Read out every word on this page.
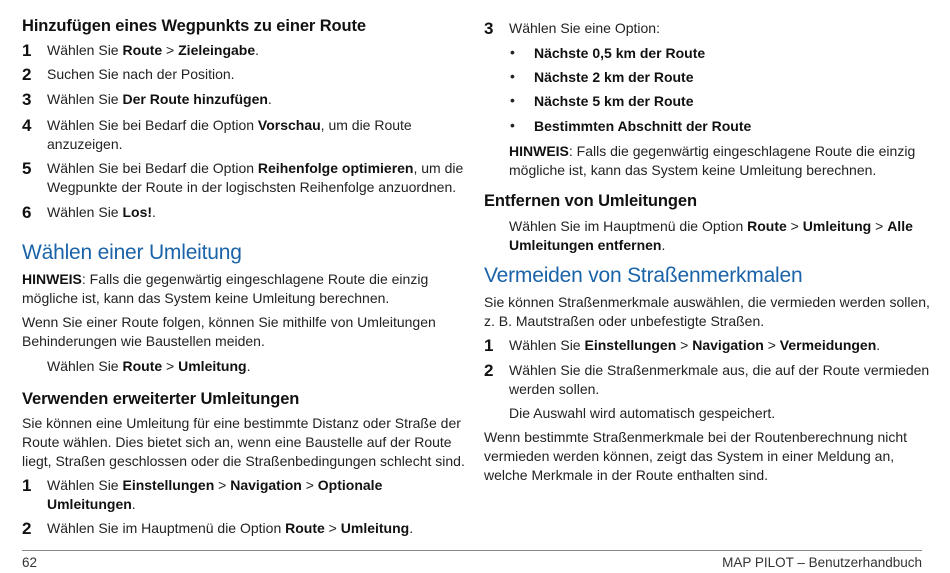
Hinzufügen eines Wegpunkts zu einer Route
1 Wählen Sie Route > Zieleingabe.
2 Suchen Sie nach der Position.
3 Wählen Sie Der Route hinzufügen.
4 Wählen Sie bei Bedarf die Option Vorschau, um die Route
anzuzeigen.
5 Wählen Sie bei Bedarf die Option Reihenfolge optimieren, um die
Wegpunkte der Route in der logischsten Reihenfolge anzuordnen.
6 Wählen Sie Los!.
Wählen einer Umleitung
HINWEIS: Falls die gegenwärtig eingeschlagene Route die einzig
mögliche ist, kann das System keine Umleitung berechnen.
Wenn Sie einer Route folgen, können Sie mithilfe von Umleitungen
Behinderungen wie Baustellen meiden.
Wählen Sie Route > Umleitung.
Verwenden erweiterter Umleitungen
Sie können eine Umleitung für eine bestimmte Distanz oder Straße der
Route wählen. Dies bietet sich an, wenn eine Baustelle auf der Route
liegt, Straßen geschlossen oder die Straßenbedingungen schlecht sind.
1 Wählen Sie Einstellungen > Navigation > Optionale
Umleitungen.
2 Wählen Sie im Hauptmenü die Option Route > Umleitung.
3 Wählen Sie eine Option:
• Nächste 0,5 km der Route
• Nächste 2 km der Route
• Nächste 5 km der Route
• Bestimmten Abschnitt der Route
HINWEIS: Falls die gegenwärtig eingeschlagene Route die einzig
mögliche ist, kann das System keine Umleitung berechnen.
Entfernen von Umleitungen
Wählen Sie im Hauptmenü die Option Route > Umleitung > Alle
Umleitungen entfernen.
Vermeiden von Straßenmerkmalen
Sie können Straßenmerkmale auswählen, die vermieden werden sollen,
z. B. Mautstraßen oder unbefestigte Straßen.
1 Wählen Sie Einstellungen > Navigation > Vermeidungen.
2 Wählen Sie die Straßenmerkmale aus, die auf der Route vermieden
werden sollen.
Die Auswahl wird automatisch gespeichert.
Wenn bestimmte Straßenmerkmale bei der Routenberechnung nicht
vermieden werden können, zeigt das System in einer Meldung an,
welche Merkmale in der Route enthalten sind.
62	MAP PILOT – Benutzerhandbuch
